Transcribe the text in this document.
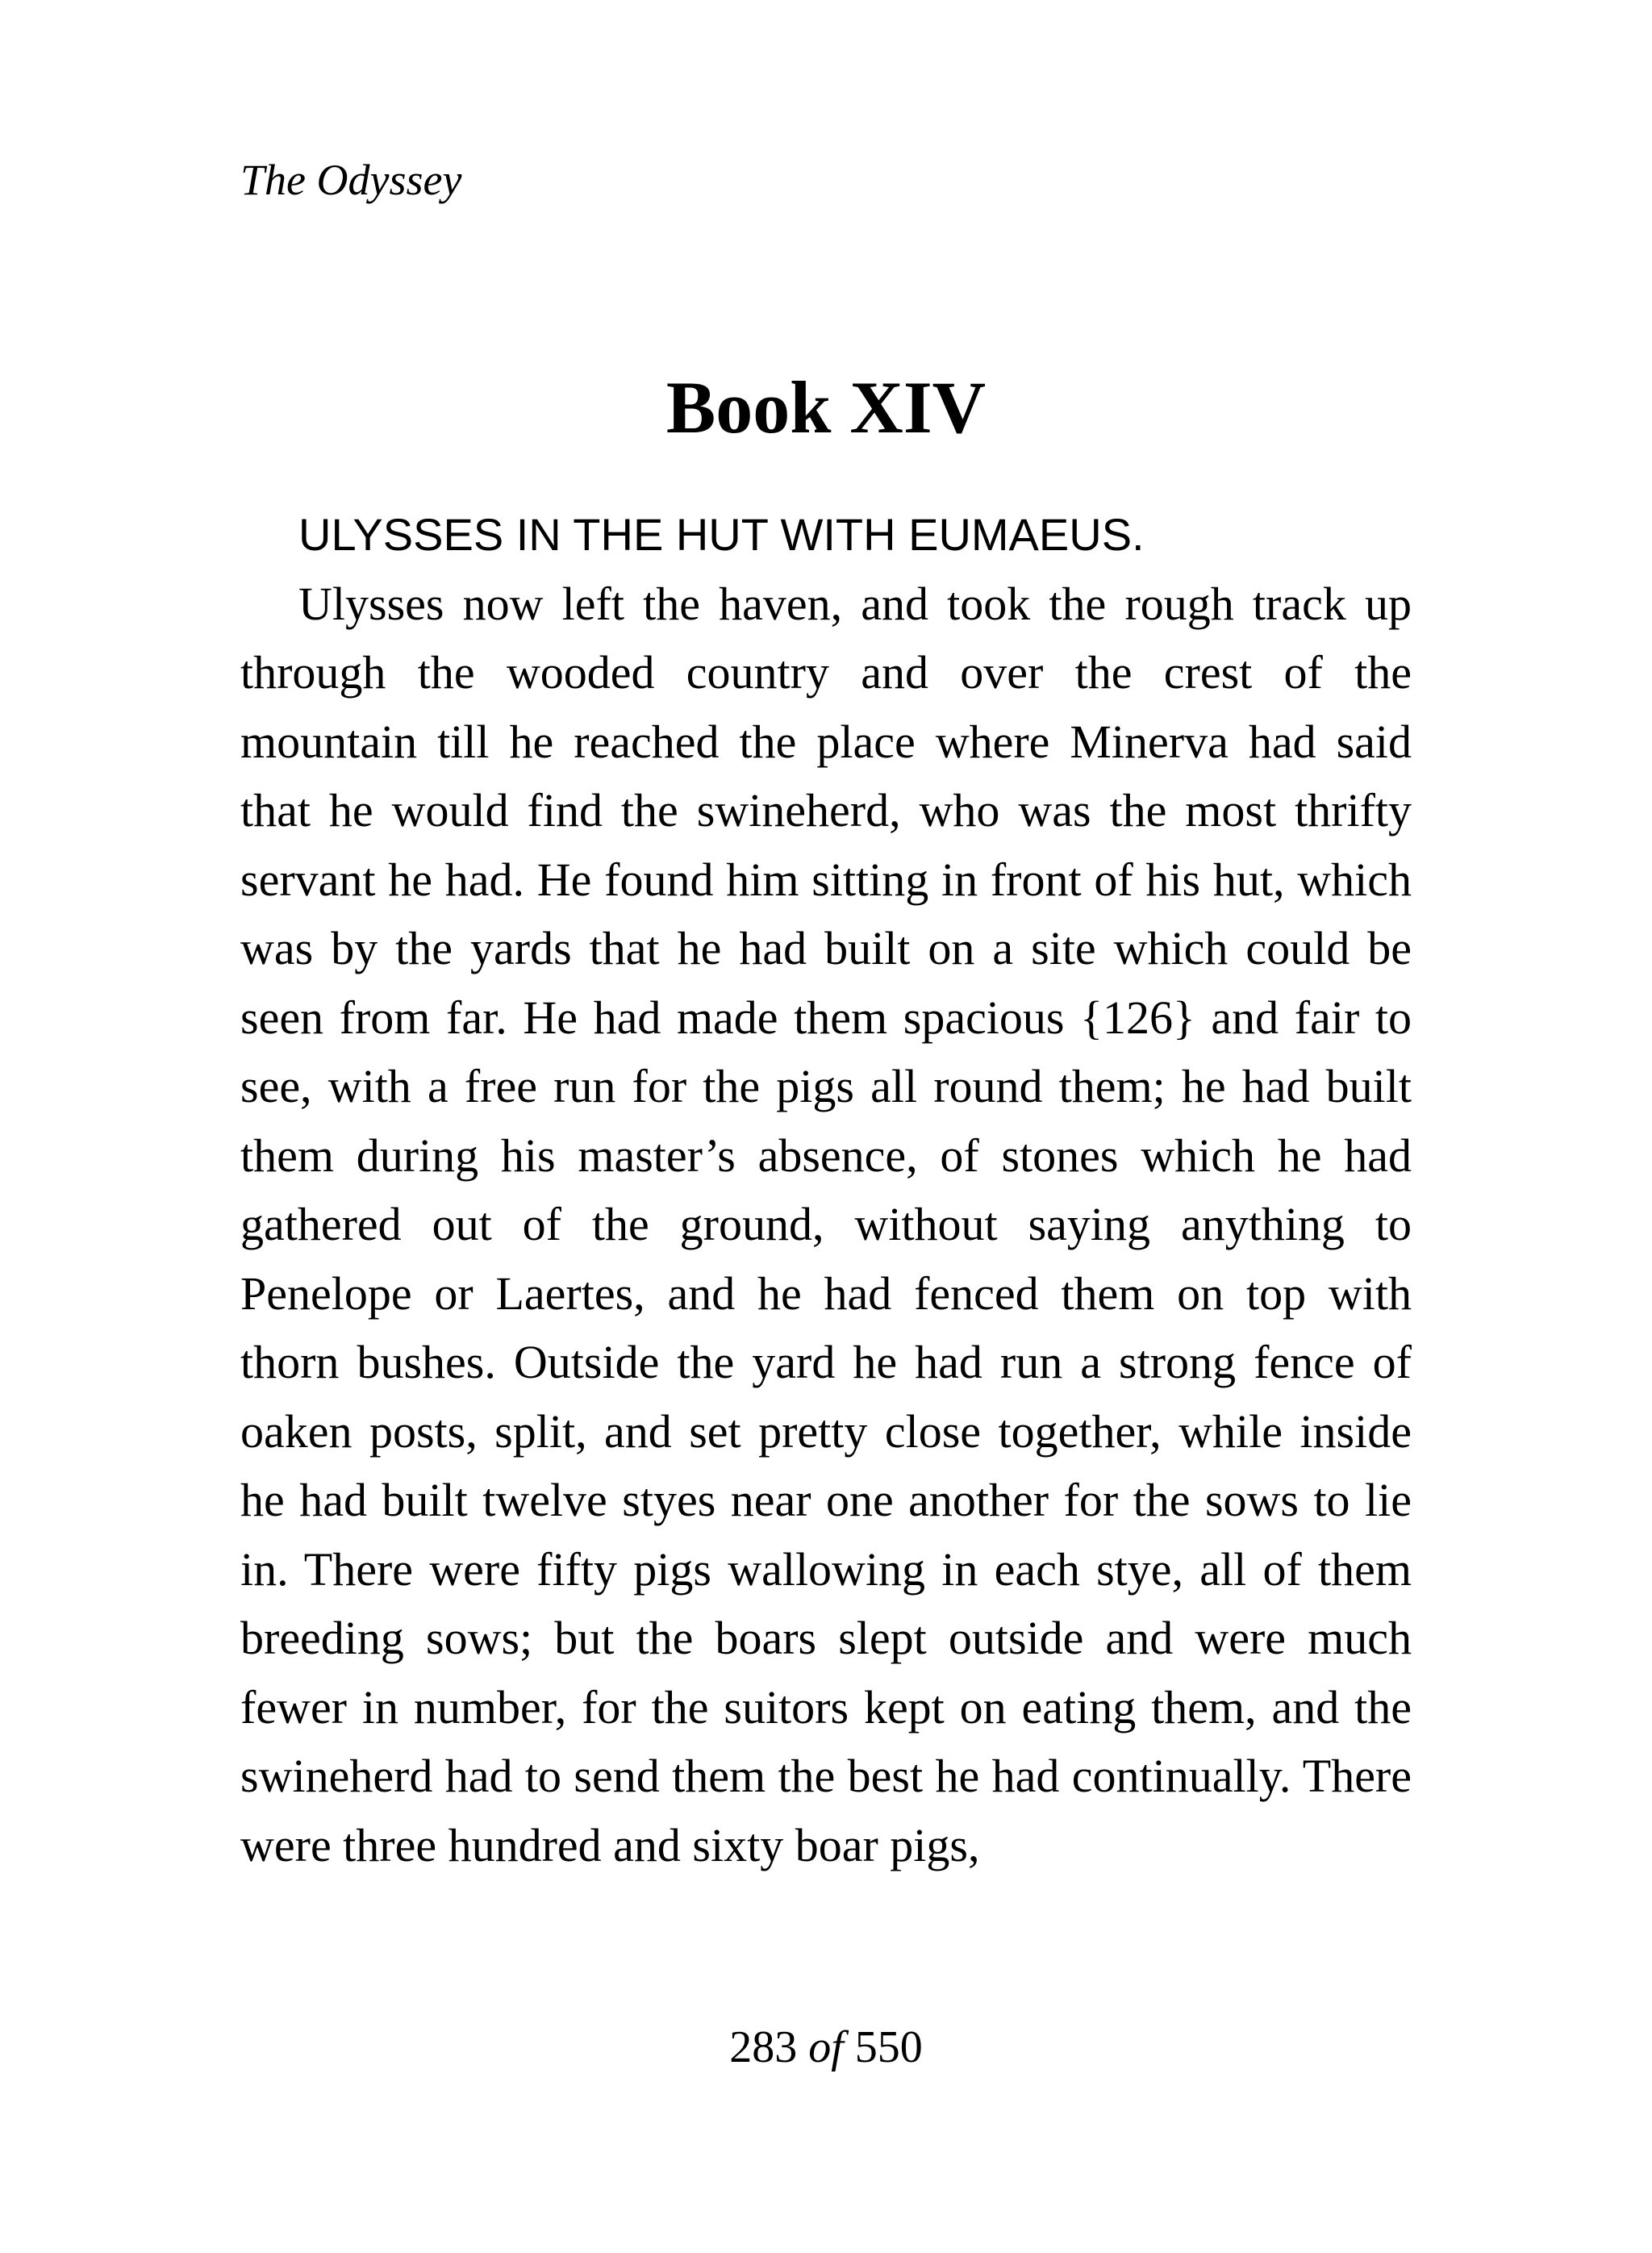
The Odyssey

Book XIV

ULYSSES IN THE HUT WITH EUMAEUS.

Ulysses now left the haven, and took the rough track up through the wooded country and over the crest of the mountain till he reached the place where Minerva had said that he would find the swineherd, who was the most thrifty servant he had. He found him sitting in front of his hut, which was by the yards that he had built on a site which could be seen from far. He had made them spacious {126} and fair to see, with a free run for the pigs all round them; he had built them during his master’s absence, of stones which he had gathered out of the ground, without saying anything to Penelope or Laertes, and he had fenced them on top with thorn bushes. Outside the yard he had run a strong fence of oaken posts, split, and set pretty close together, while inside he had built twelve styes near one another for the sows to lie in. There were fifty pigs wallowing in each stye, all of them breeding sows; but the boars slept outside and were much fewer in number, for the suitors kept on eating them, and the swineherd had to send them the best he had continually. There were three hundred and sixty boar pigs,

283 of 550
